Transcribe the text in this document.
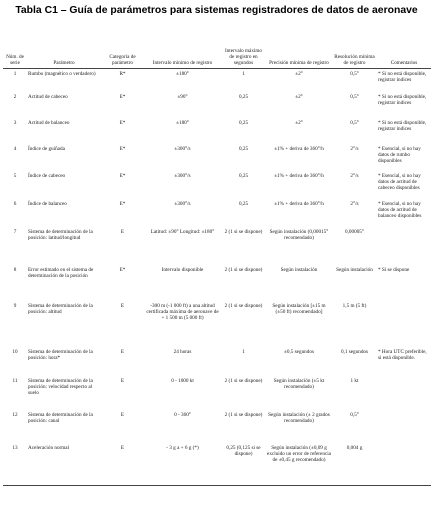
Tabla C1 – Guía de parámetros para sistemas registradores de datos de aeronave
Núm. de serie	Parámetro	Categoría de parámetro	Intervalo mínimo de registro	Intervalo máximo de registro en segundos	Precisión mínima de registro	Resolución mínima de registro	Comentarios
1	Rumbo (magnético o verdadero)	R*	±180°	1	±2°	0,5°	* Si no está disponible, registrar índices
2	Actitud de cabeceo	E*	±90°	0,25	±2°	0,5°	* Si no está disponible, registrar índices
3	Actitud de balanceo	E*	±180°	0,25	±2°	0,5°	* Si no está disponible, registrar índices
4	Índice de guiñada	E*	±300°/s	0,25	±1% + deriva de 360°/h	2°/s	* Esencial, si no hay datos de rumbo disponibles
5	Índice de cabeceo	E*	±300°/s	0,25	±1% + deriva de 360°/h	2°/s	* Esencial, si no hay datos de actitud de cabeceo disponibles
6	Índice de balanceo	E*	±300°/s	0,25	±1% + deriva de 360°/h	2°/s	* Esencial, si no hay datos de actitud de balanceo disponibles
7	Sistema de determinación de la posición: latitud/longitud	E	Latitud: ±90° Longitud: ±180°	2 (1 si se dispone)	Según instalación (0,00015° recomendado)	0,00005°	
8	Error estimado en el sistema de determinación de la posición	E*	Intervalo disponible	2 (1 si se dispone)	Según instalación	Según instalación	* Si se dispone
9	Sistema de determinación de la posición: altitud	E	-300 m (-1 000 ft) a una altitud certificada máxima de aeronave de + 1 500 m (5 000 ft)	2 (1 si se dispone)	Según instalación [±15 m (±50 ft) recomendado]	1,5 m (5 ft)	
10	Sistema de determinación de la posición: hora*	E	24 horas	1	±0,5 segundos	0,1 segundos	* Hora UTC preferible, si está disponible.
11	Sistema de determinación de la posición: velocidad respecto al suelo	E	0 - 1000 kt	2 (1 si se dispone)	Según instalación (±5 kt recomendado)	1 kt	
12	Sistema de determinación de la posición: canal	E	0 - 360°	2 (1 si se dispone)	Según instalación (± 2 grados recomendado)	0,5°	
13	Aceleración normal	E	- 3 g a + 6 g (*)	0,25 (0,125 si se dispone)	Según instalación (±0,09 g excluido un error de referencia de ±0,45 g recomendado)	0,004 g	
